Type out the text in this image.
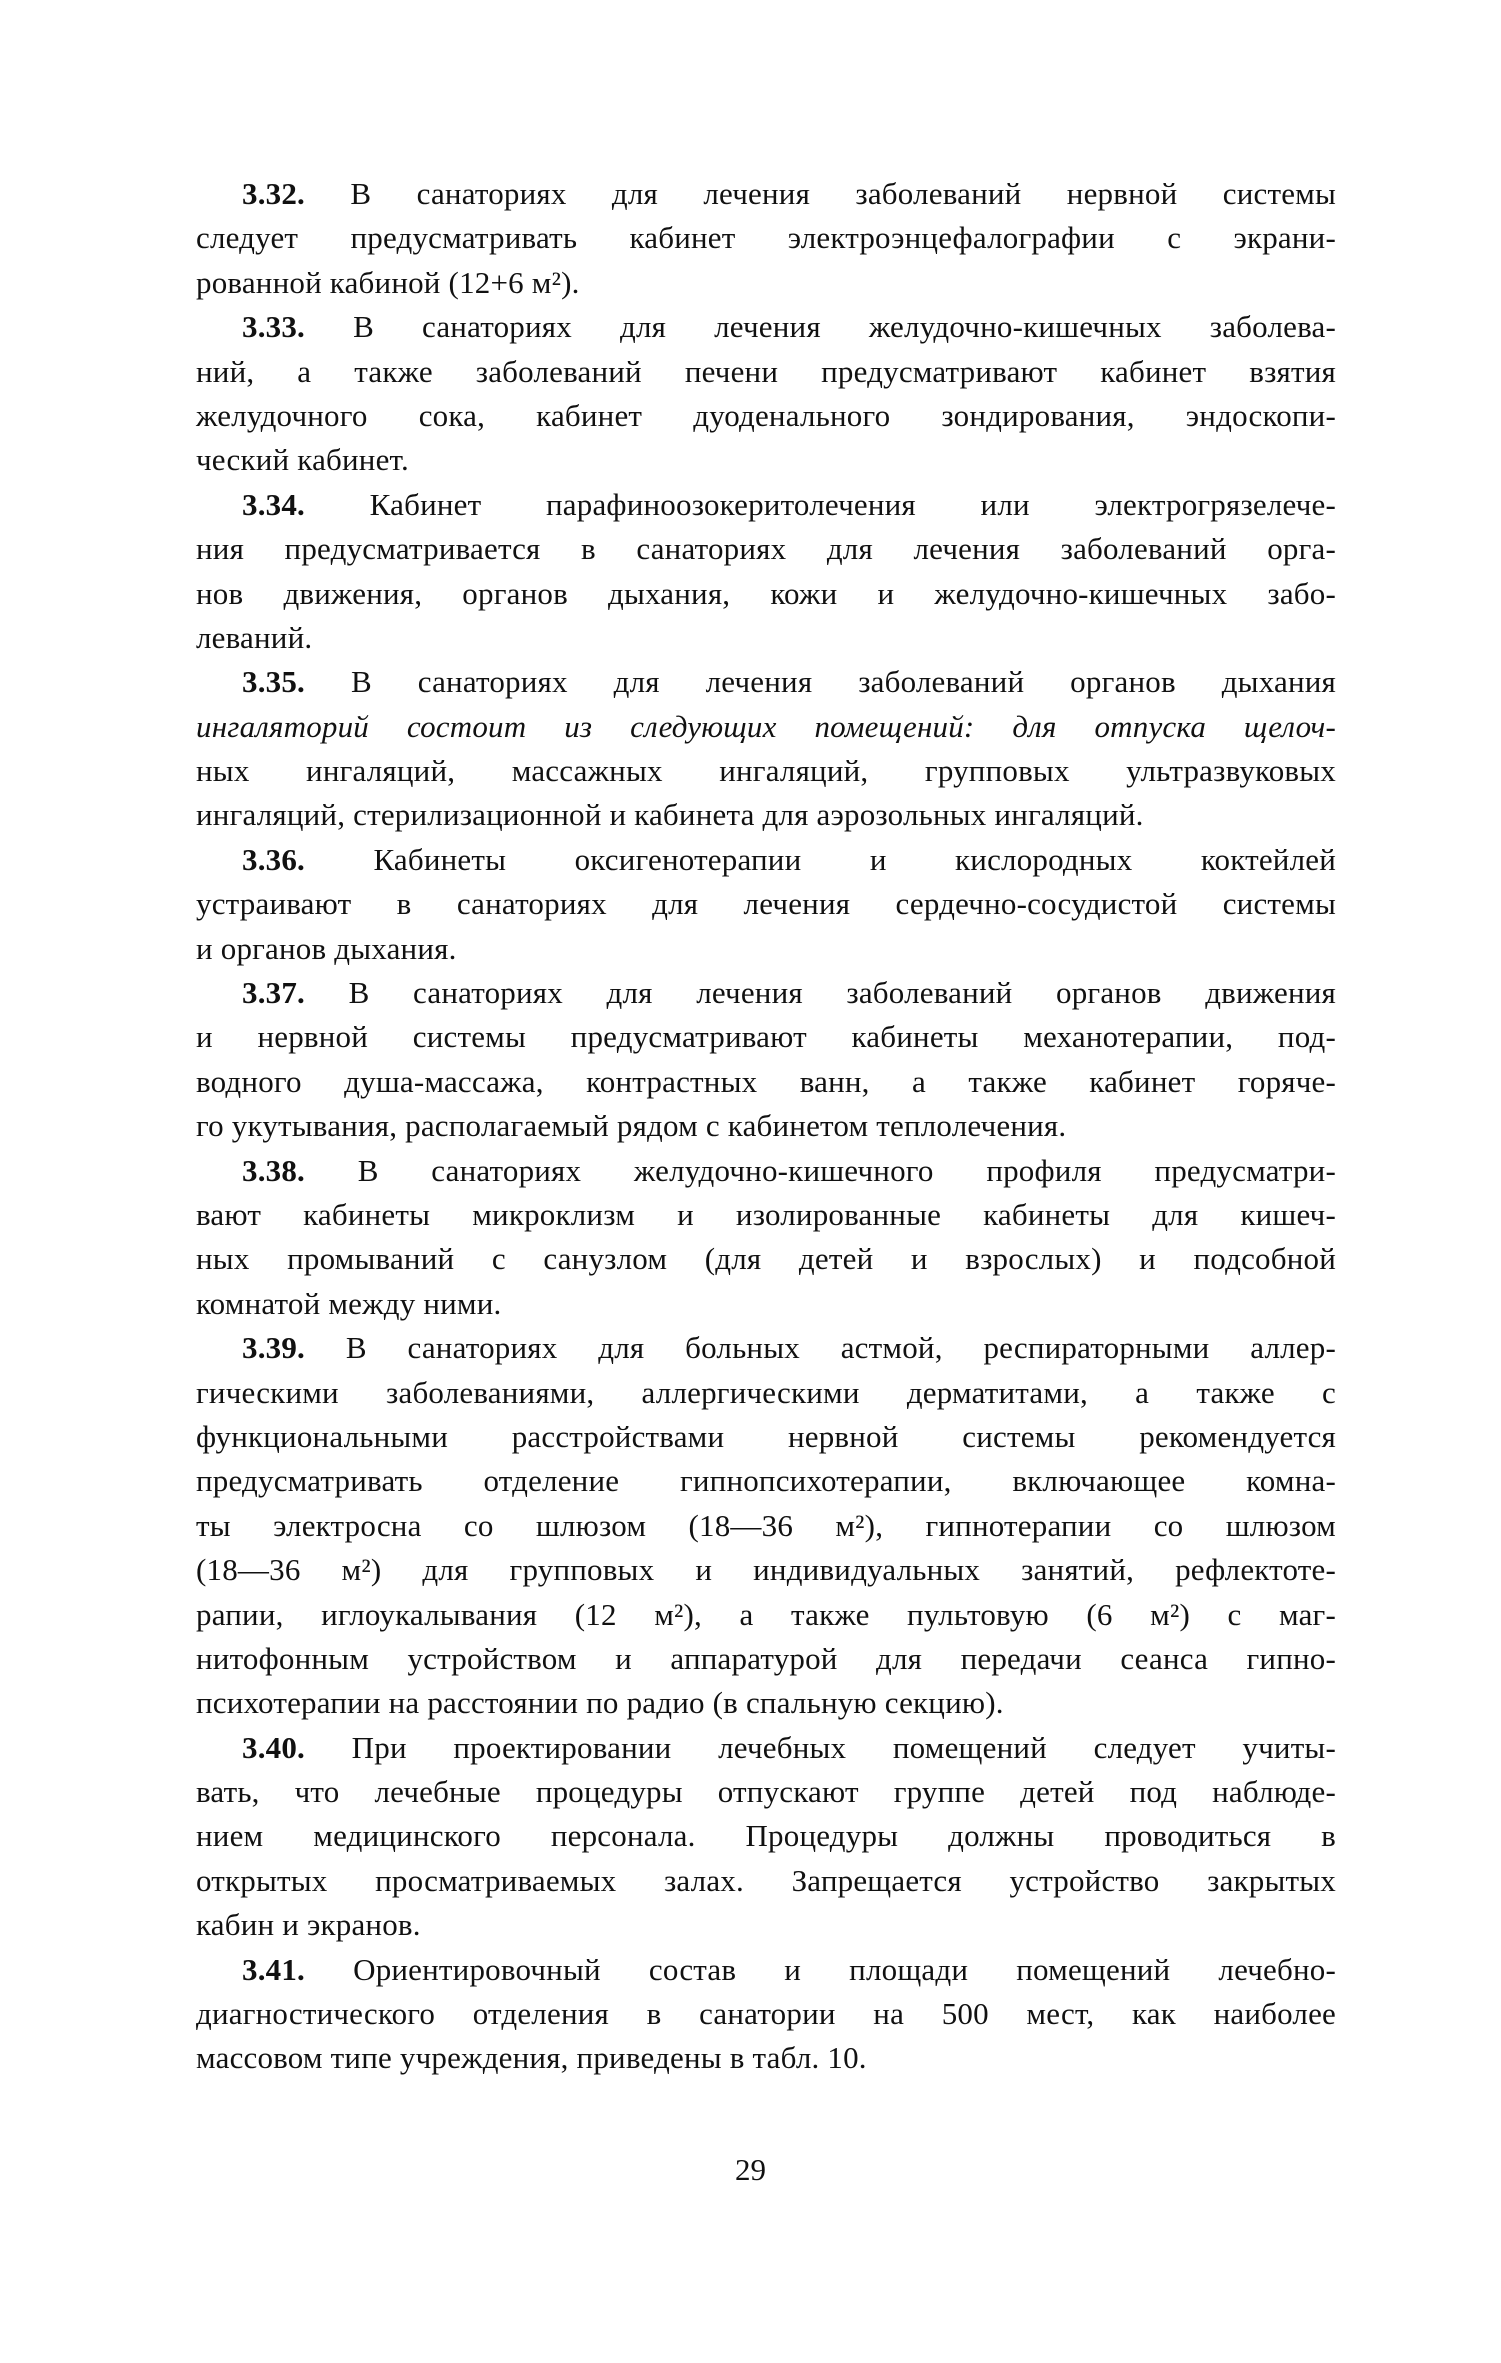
3.32. В санаториях для лечения заболеваний нервной системы
следует предусматривать кабинет электроэнцефалографии с экрани-
рованной кабиной (12+6 м²).
3.33. В санаториях для лечения желудочно-кишечных заболева-
ний, а также заболеваний печени предусматривают кабинет взятия
желудочного сока, кабинет дуоденального зондирования, эндоскопи-
ческий кабинет.
3.34. Кабинет парафиноозокеритолечения или электрогрязелече-
ния предусматривается в санаториях для лечения заболеваний орга-
нов движения, органов дыхания, кожи и желудочно-кишечных забо-
леваний.
3.35. В санаториях для лечения заболеваний органов дыхания
ингаляторий состоит из следующих помещений: для отпуска щелоч-
ных ингаляций, массажных ингаляций, групповых ультразвуковых
ингаляций, стерилизационной и кабинета для аэрозольных ингаляций.
3.36. Кабинеты оксигенотерапии и кислородных коктейлей
устраивают в санаториях для лечения сердечно-сосудистой системы
и органов дыхания.
3.37. В санаториях для лечения заболеваний органов движения
и нервной системы предусматривают кабинеты механотерапии, под-
водного душа-массажа, контрастных ванн, а также кабинет горяче-
го укутывания, располагаемый рядом с кабинетом теплолечения.
3.38. В санаториях желудочно-кишечного профиля предусматри-
вают кабинеты микроклизм и изолированные кабинеты для кишеч-
ных промываний с санузлом (для детей и взрослых) и подсобной
комнатой между ними.
3.39. В санаториях для больных астмой, респираторными аллер-
гическими заболеваниями, аллергическими дерматитами, а также с
функциональными расстройствами нервной системы рекомендуется
предусматривать отделение гипнопсихотерапии, включающее комна-
ты электросна со шлюзом (18—36 м²), гипнотерапии со шлюзом
(18—36 м²) для групповых и индивидуальных занятий, рефлектоте-
рапии, иглоукалывания (12 м²), а также пультовую (6 м²) с маг-
нитофонным устройством и аппаратурой для передачи сеанса гипно-
психотерапии на расстоянии по радио (в спальную секцию).
3.40. При проектировании лечебных помещений следует учиты-
вать, что лечебные процедуры отпускают группе детей под наблюде-
нием медицинского персонала. Процедуры должны проводиться в
открытых просматриваемых залах. Запрещается устройство закрытых
кабин и экранов.
3.41. Ориентировочный состав и площади помещений лечебно-
диагностического отделения в санатории на 500 мест, как наиболее
массовом типе учреждения, приведены в табл. 10.
29
